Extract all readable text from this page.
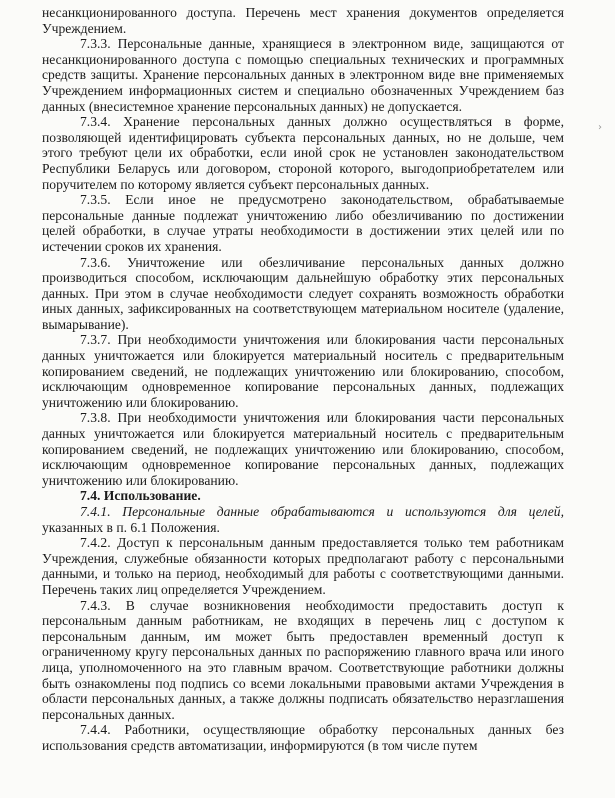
несанкционированного доступа. Перечень мест хранения документов определяется Учреждением.

7.3.3. Персональные данные, хранящиеся в электронном виде, защищаются от несанкционированного доступа с помощью специальных технических и программных средств защиты. Хранение персональных данных в электронном виде вне применяемых Учреждением информационных систем и специально обозначенных Учреждением баз данных (внесистемное хранение персональных данных) не допускается.

7.3.4. Хранение персональных данных должно осуществляться в форме, позволяющей идентифицировать субъекта персональных данных, но не дольше, чем этого требуют цели их обработки, если иной срок не установлен законодательством Республики Беларусь или договором, стороной которого, выгодоприобретателем или поручителем по которому является субъект персональных данных.

7.3.5. Если иное не предусмотрено законодательством, обрабатываемые персональные данные подлежат уничтожению либо обезличиванию по достижении целей обработки, в случае утраты необходимости в достижении этих целей или по истечении сроков их хранения.

7.3.6. Уничтожение или обезличивание персональных данных должно производиться способом, исключающим дальнейшую обработку этих персональных данных. При этом в случае необходимости следует сохранять возможность обработки иных данных, зафиксированных на соответствующем материальном носителе (удаление, вымарывание).

7.3.7. При необходимости уничтожения или блокирования части персональных данных уничтожается или блокируется материальный носитель с предварительным копированием сведений, не подлежащих уничтожению или блокированию, способом, исключающим одновременное копирование персональных данных, подлежащих уничтожению или блокированию.

7.3.8. При необходимости уничтожения или блокирования части персональных данных уничтожается или блокируется материальный носитель с предварительным копированием сведений, не подлежащих уничтожению или блокированию, способом, исключающим одновременное копирование персональных данных, подлежащих уничтожению или блокированию.

7.4. Использование.

7.4.1. Персональные данные обрабатываются и используются для целей, указанных в п. 6.1 Положения.

7.4.2. Доступ к персональным данным предоставляется только тем работникам Учреждения, служебные обязанности которых предполагают работу с персональными данными, и только на период, необходимый для работы с соответствующими данными. Перечень таких лиц определяется Учреждением.

7.4.3. В случае возникновения необходимости предоставить доступ к персональным данным работникам, не входящих в перечень лиц с доступом к персональным данным, им может быть предоставлен временный доступ к ограниченному кругу персональных данных по распоряжению главного врача или иного лица, уполномоченного на это главным врачом. Соответствующие работники должны быть ознакомлены под подпись со всеми локальными правовыми актами Учреждения в области персональных данных, а также должны подписать обязательство неразглашения персональных данных.

7.4.4. Работники, осуществляющие обработку персональных данных без использования средств автоматизации, информируются (в том числе путем

›
